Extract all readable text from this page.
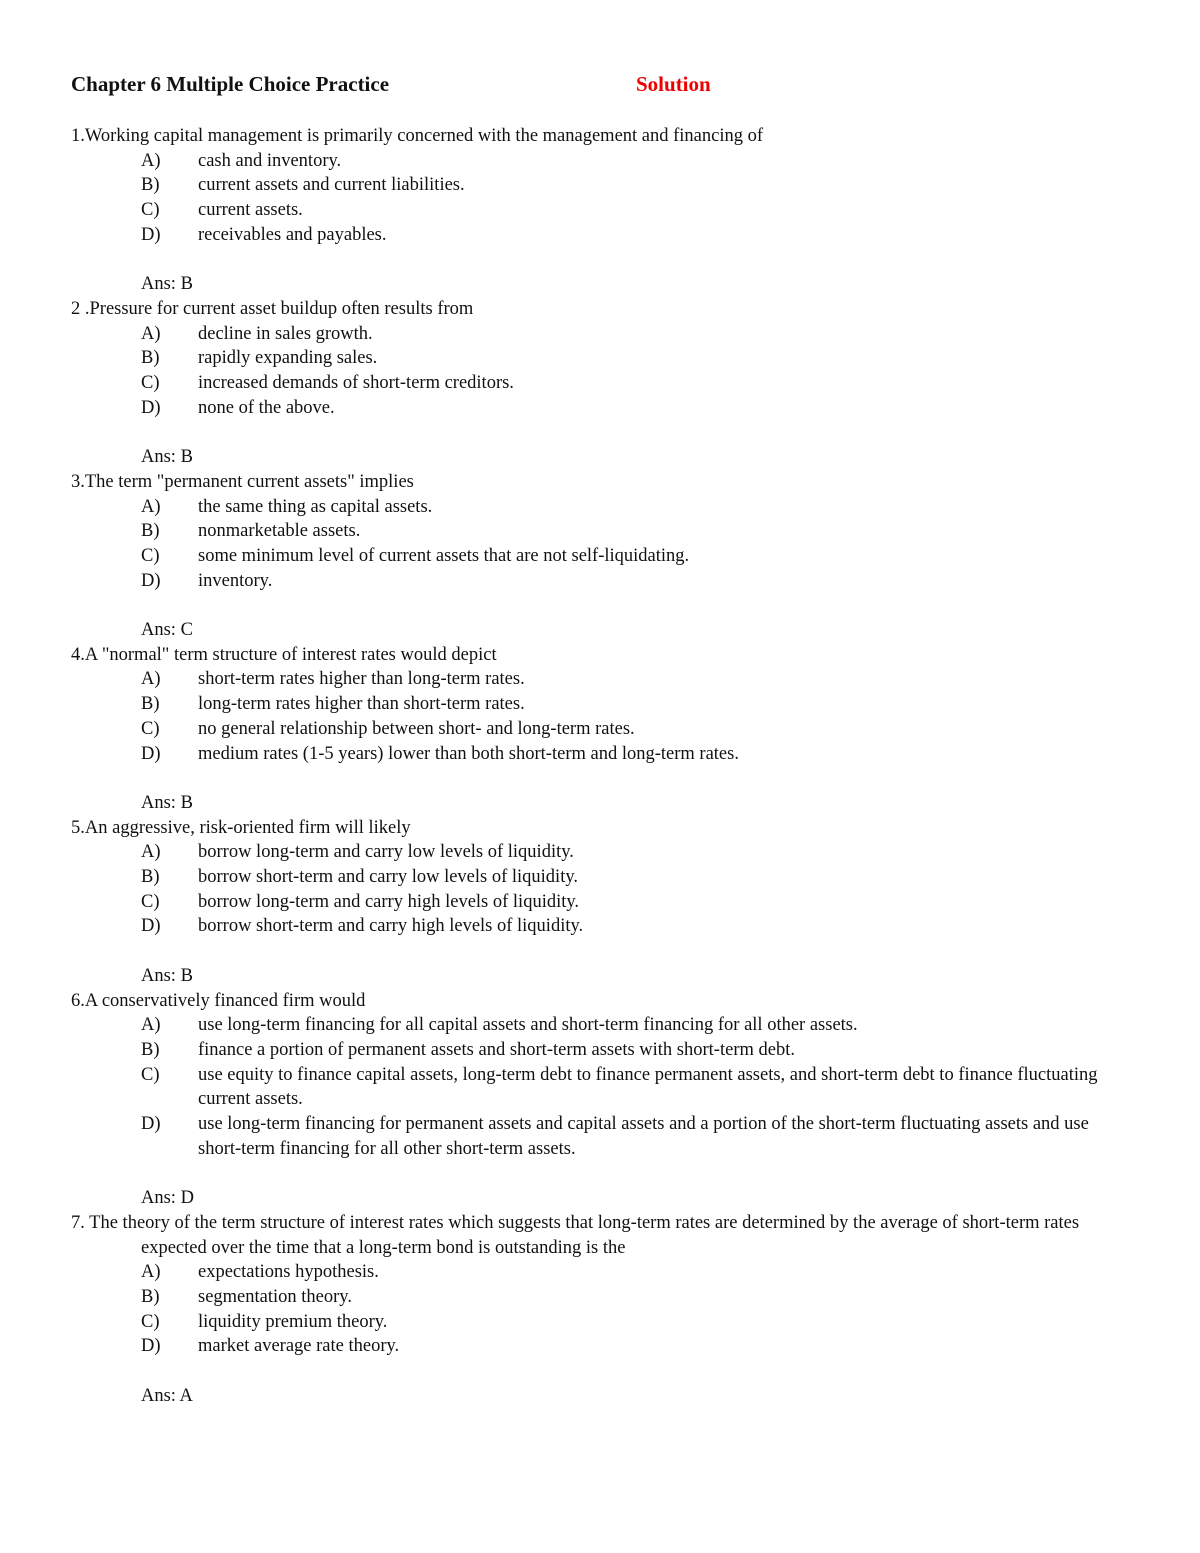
Chapter 6 Multiple Choice Practice	Solution
1.Working capital management is primarily concerned with the management and financing of
A) cash and inventory.
B) current assets and current liabilities.
C) current assets.
D) receivables and payables.
Ans: B
2 .Pressure for current asset buildup often results from
A) decline in sales growth.
B) rapidly expanding sales.
C) increased demands of short-term creditors.
D) none of the above.
Ans: B
3.The term "permanent current assets" implies
A) the same thing as capital assets.
B) nonmarketable assets.
C) some minimum level of current assets that are not self-liquidating.
D) inventory.
Ans: C
4.A "normal" term structure of interest rates would depict
A) short-term rates higher than long-term rates.
B) long-term rates higher than short-term rates.
C) no general relationship between short- and long-term rates.
D) medium rates (1-5 years) lower than both short-term and long-term rates.
Ans: B
5.An aggressive, risk-oriented firm will likely
A) borrow long-term and carry low levels of liquidity.
B) borrow short-term and carry low levels of liquidity.
C) borrow long-term and carry high levels of liquidity.
D) borrow short-term and carry high levels of liquidity.
Ans: B
6.A conservatively financed firm would
A) use long-term financing for all capital assets and short-term financing for all other assets.
B) finance a portion of permanent assets and short-term assets with short-term debt.
C) use equity to finance capital assets, long-term debt to finance permanent assets, and short-term debt to finance fluctuating current assets.
D) use long-term financing for permanent assets and capital assets and a portion of the short-term fluctuating assets and use short-term financing for all other short-term assets.
Ans: D
7. The theory of the term structure of interest rates which suggests that long-term rates are determined by the average of short-term rates expected over the time that a long-term bond is outstanding is the
A) expectations hypothesis.
B) segmentation theory.
C) liquidity premium theory.
D) market average rate theory.
Ans: A
